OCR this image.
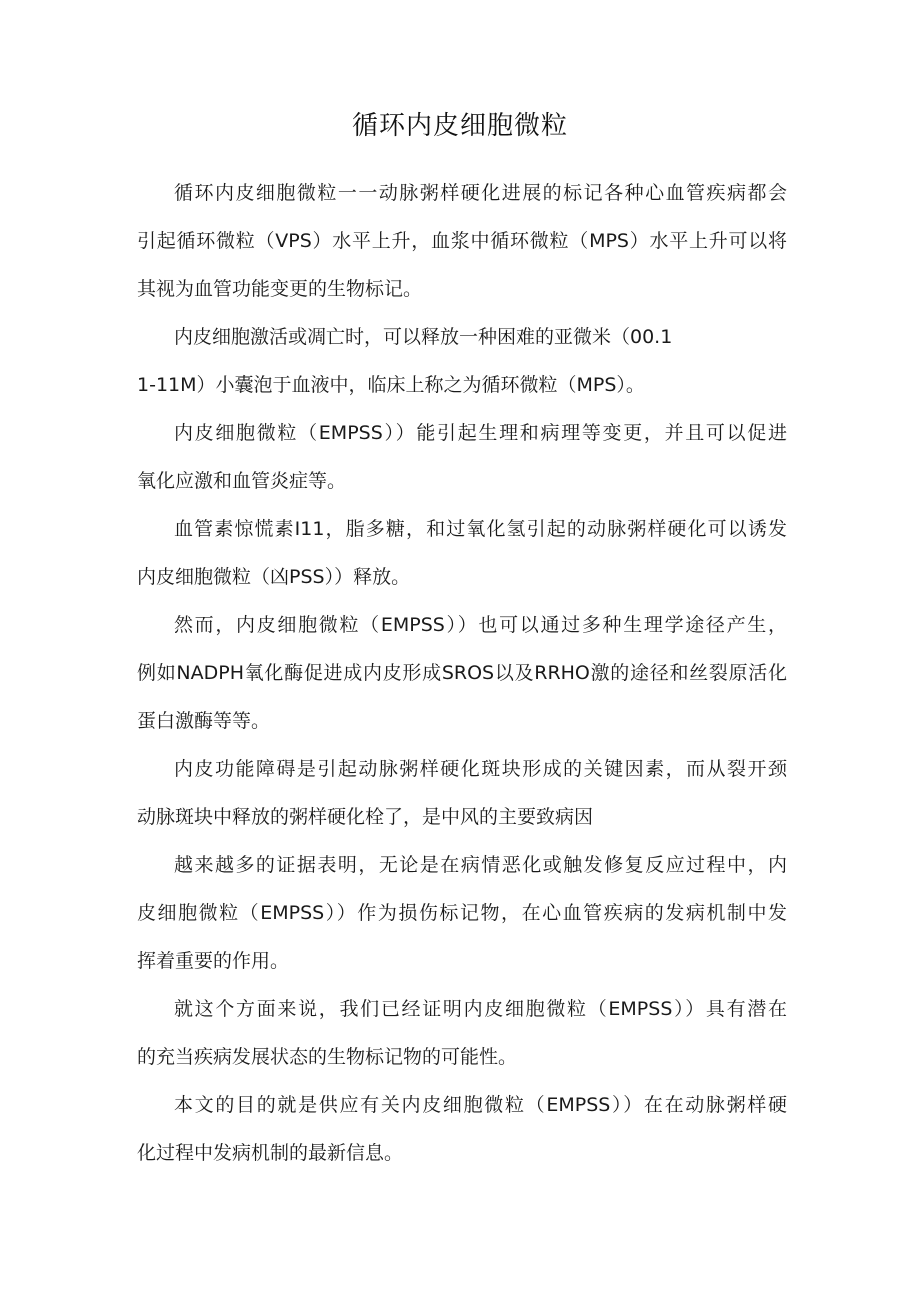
循环内皮细胞微粒
循环内皮细胞微粒一一动脉粥样硬化进展的标记各种心血管疾病都会
引起循环微粒（VPS）水平上升，血浆中循环微粒（MPS）水平上升可以将
其视为血管功能变更的生物标记。
内皮细胞激活或凋亡时，可以释放一种困难的亚微米（00.1
1-11M）小囊泡于血液中，临床上称之为循环微粒（MPS）。
内皮细胞微粒（EMPSS））能引起生理和病理等变更，并且可以促进
氧化应激和血管炎症等。
血管素惊慌素I11，脂多糖，和过氧化氢引起的动脉粥样硬化可以诱发
内皮细胞微粒（凶PSS））释放。
然而，内皮细胞微粒（EMPSS））也可以通过多种生理学途径产生，
例如NADPH氧化酶促进成内皮形成SROS以及RRHO激的途径和丝裂原活化
蛋白激酶等等。
内皮功能障碍是引起动脉粥样硬化斑块形成的关键因素，而从裂开颈
动脉斑块中释放的粥样硬化栓了，是中风的主要致病因
越来越多的证据表明，无论是在病情恶化或触发修复反应过程中，内
皮细胞微粒（EMPSS））作为损伤标记物，在心血管疾病的发病机制中发
挥着重要的作用。
就这个方面来说，我们已经证明内皮细胞微粒（EMPSS））具有潜在
的充当疾病发展状态的生物标记物的可能性。
本文的目的就是供应有关内皮细胞微粒（EMPSS））在在动脉粥样硬
化过程中发病机制的最新信息。
